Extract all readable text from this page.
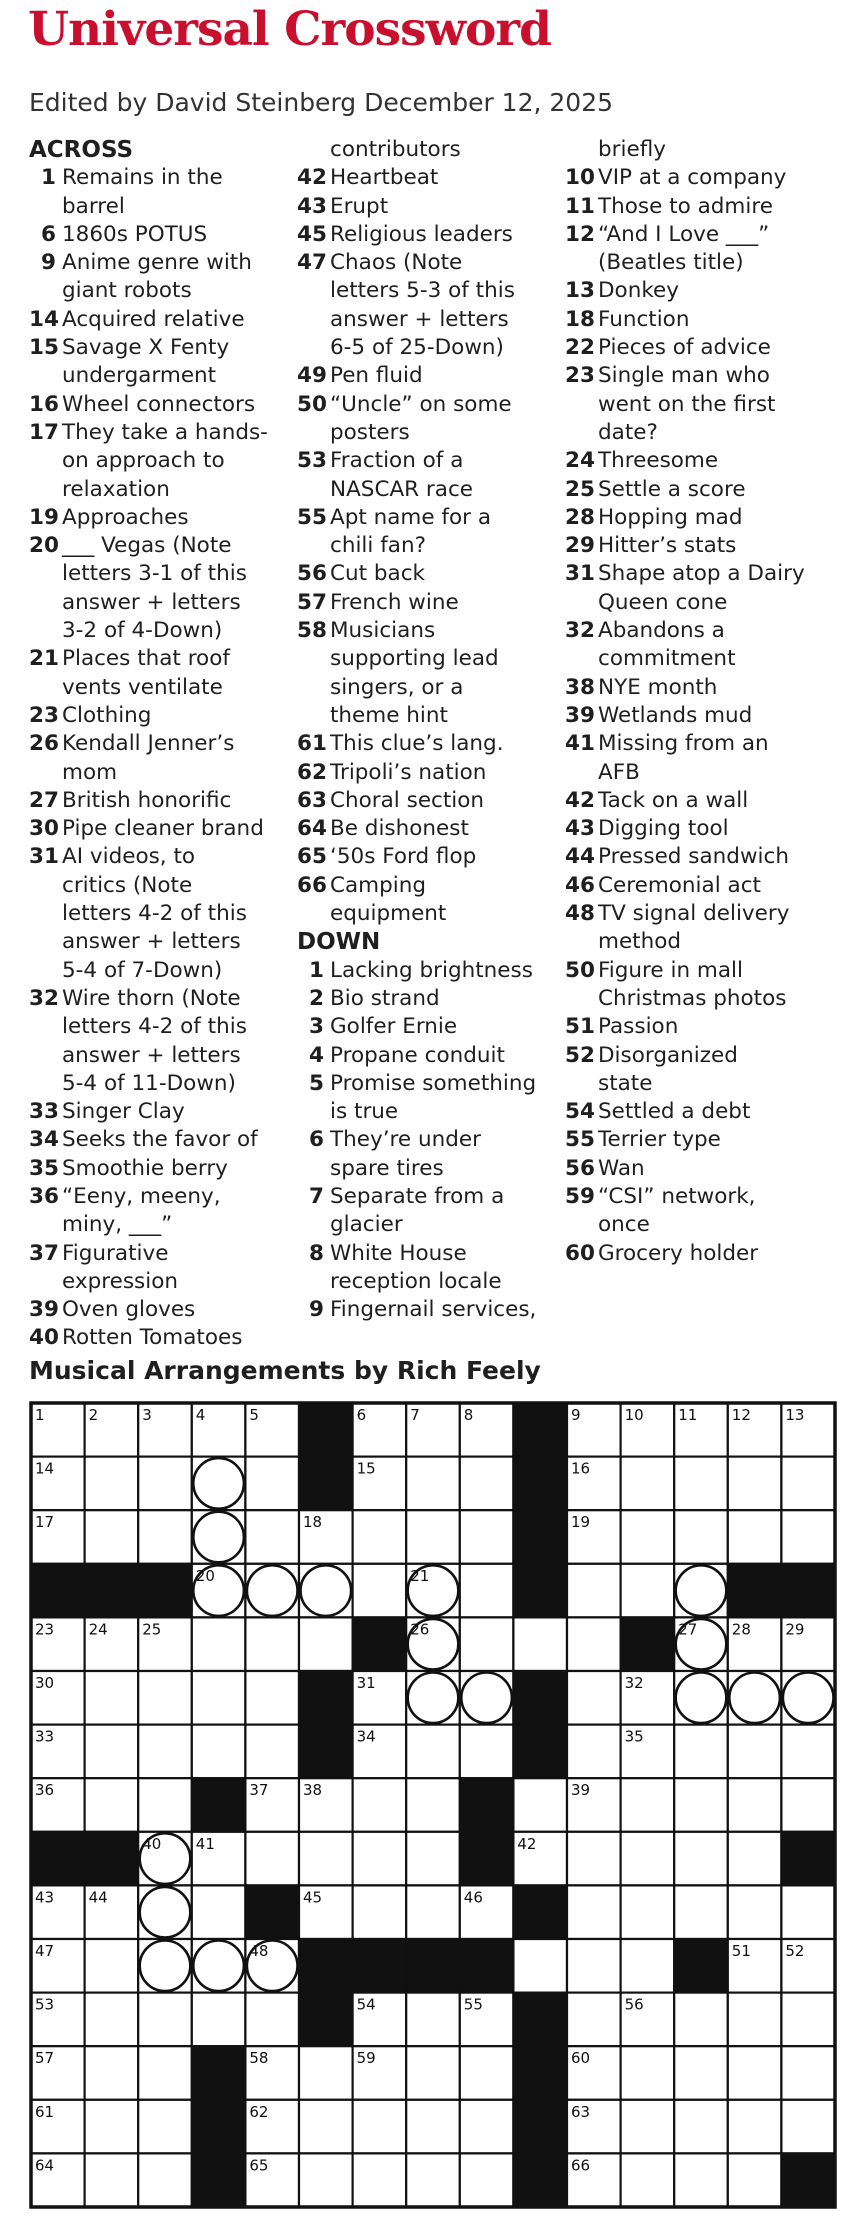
Universal Crossword
Edited by David Steinberg December 12, 2025
ACROSS
1 Remains in the
barrel
6 1860s POTUS
9 Anime genre with
giant robots
14 Acquired relative
15 Savage X Fenty
undergarment
16 Wheel connectors
17 They take a hands-
on approach to
relaxation
19 Approaches
20 ___ Vegas (Note
letters 3-1 of this
answer + letters
3-2 of 4-Down)
21 Places that roof
vents ventilate
23 Clothing
26 Kendall Jenner’s
mom
27 British honorific
30 Pipe cleaner brand
31 AI videos, to
critics (Note
letters 4-2 of this
answer + letters
5-4 of 7-Down)
32 Wire thorn (Note
letters 4-2 of this
answer + letters
5-4 of 11-Down)
33 Singer Clay
34 Seeks the favor of
35 Smoothie berry
36 “Eeny, meeny,
miny, ___”
37 Figurative
expression
39 Oven gloves
40 Rotten Tomatoes
contributors
42 Heartbeat
43 Erupt
45 Religious leaders
47 Chaos (Note
letters 5-3 of this
answer + letters
6-5 of 25-Down)
49 Pen fluid
50 “Uncle” on some
posters
53 Fraction of a
NASCAR race
55 Apt name for a
chili fan?
56 Cut back
57 French wine
58 Musicians
supporting lead
singers, or a
theme hint
61 This clue’s lang.
62 Tripoli’s nation
63 Choral section
64 Be dishonest
65 ‘50s Ford flop
66 Camping
equipment
DOWN
1 Lacking brightness
2 Bio strand
3 Golfer Ernie
4 Propane conduit
5 Promise something
is true
6 They’re under
spare tires
7 Separate from a
glacier
8 White House
reception locale
9 Fingernail services,
briefly
10 VIP at a company
11 Those to admire
12 “And I Love ___”
(Beatles title)
13 Donkey
18 Function
22 Pieces of advice
23 Single man who
went on the first
date?
24 Threesome
25 Settle a score
28 Hopping mad
29 Hitter’s stats
31 Shape atop a Dairy
Queen cone
32 Abandons a
commitment
38 NYE month
39 Wetlands mud
41 Missing from an
AFB
42 Tack on a wall
43 Digging tool
44 Pressed sandwich
46 Ceremonial act
48 TV signal delivery
method
50 Figure in mall
Christmas photos
51 Passion
52 Disorganized
state
54 Settled a debt
55 Terrier type
56 Wan
59 “CSI” network,
once
60 Grocery holder
Musical Arrangements by Rich Feely
1	2	3	4	5	6	7	8	9	10 11 12 13
14	15	16
17	18	19
20	21
23 24 25	26	27 28 29
30	31	32
33	34	35
36	37 38	39
40 41	42
43 44	45	46
47	48	51 52
53	54	55	56
57	58	59	60
61	62	63
64	65	66
